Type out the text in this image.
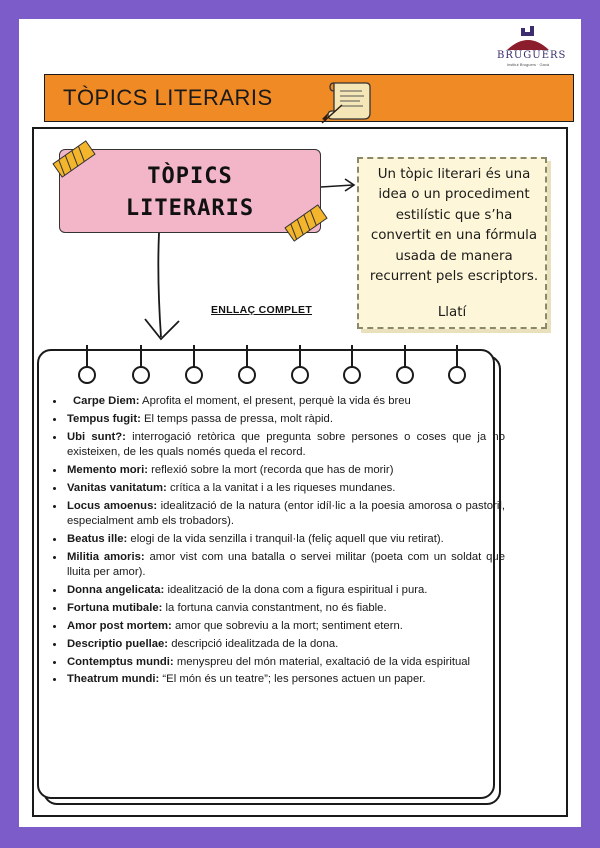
BRUGUERS
Institut Bruguers · Gavà
TÒPICS LITERARIS
TÒPICS
LITERARIS
Un tòpic literari és una idea o un procediment estilístic que s’ha convertit en una fórmula usada de manera recurrent pels escriptors.
Llatí
ENLLAÇ COMPLET
• Carpe Diem: Aprofita el moment, el present, perquè la vida és breu
• Tempus fugit: El temps passa de pressa, molt ràpid.
• Ubi sunt?: interrogació retòrica que pregunta sobre persones o coses que ja no existeixen, de les quals només queda el record.
• Memento mori: reflexió sobre la mort (recorda que has de morir)
• Vanitas vanitatum: crítica a la vanitat i a les riqueses mundanes.
• Locus amoenus: idealització de la natura (entor idíl·lic a la poesia amorosa o pastoril, especialment amb els trobadors).
• Beatus ille: elogi de la vida senzilla i tranquil·la (feliç aquell que viu retirat).
• Militia amoris: amor vist com una batalla o servei militar (poeta com un soldat que lluita per amor).
• Donna angelicata: idealització de la dona com a figura espiritual i pura.
• Fortuna mutibale: la fortuna canvia constantment, no és fiable.
• Amor post mortem: amor que sobreviu a la mort; sentiment etern.
• Descriptio puellae: descripció idealitzada de la dona.
• Contemptus mundi: menyspreu del món material, exaltació de la vida espiritual
• Theatrum mundi: “El món és un teatre”; les persones actuen un paper.
